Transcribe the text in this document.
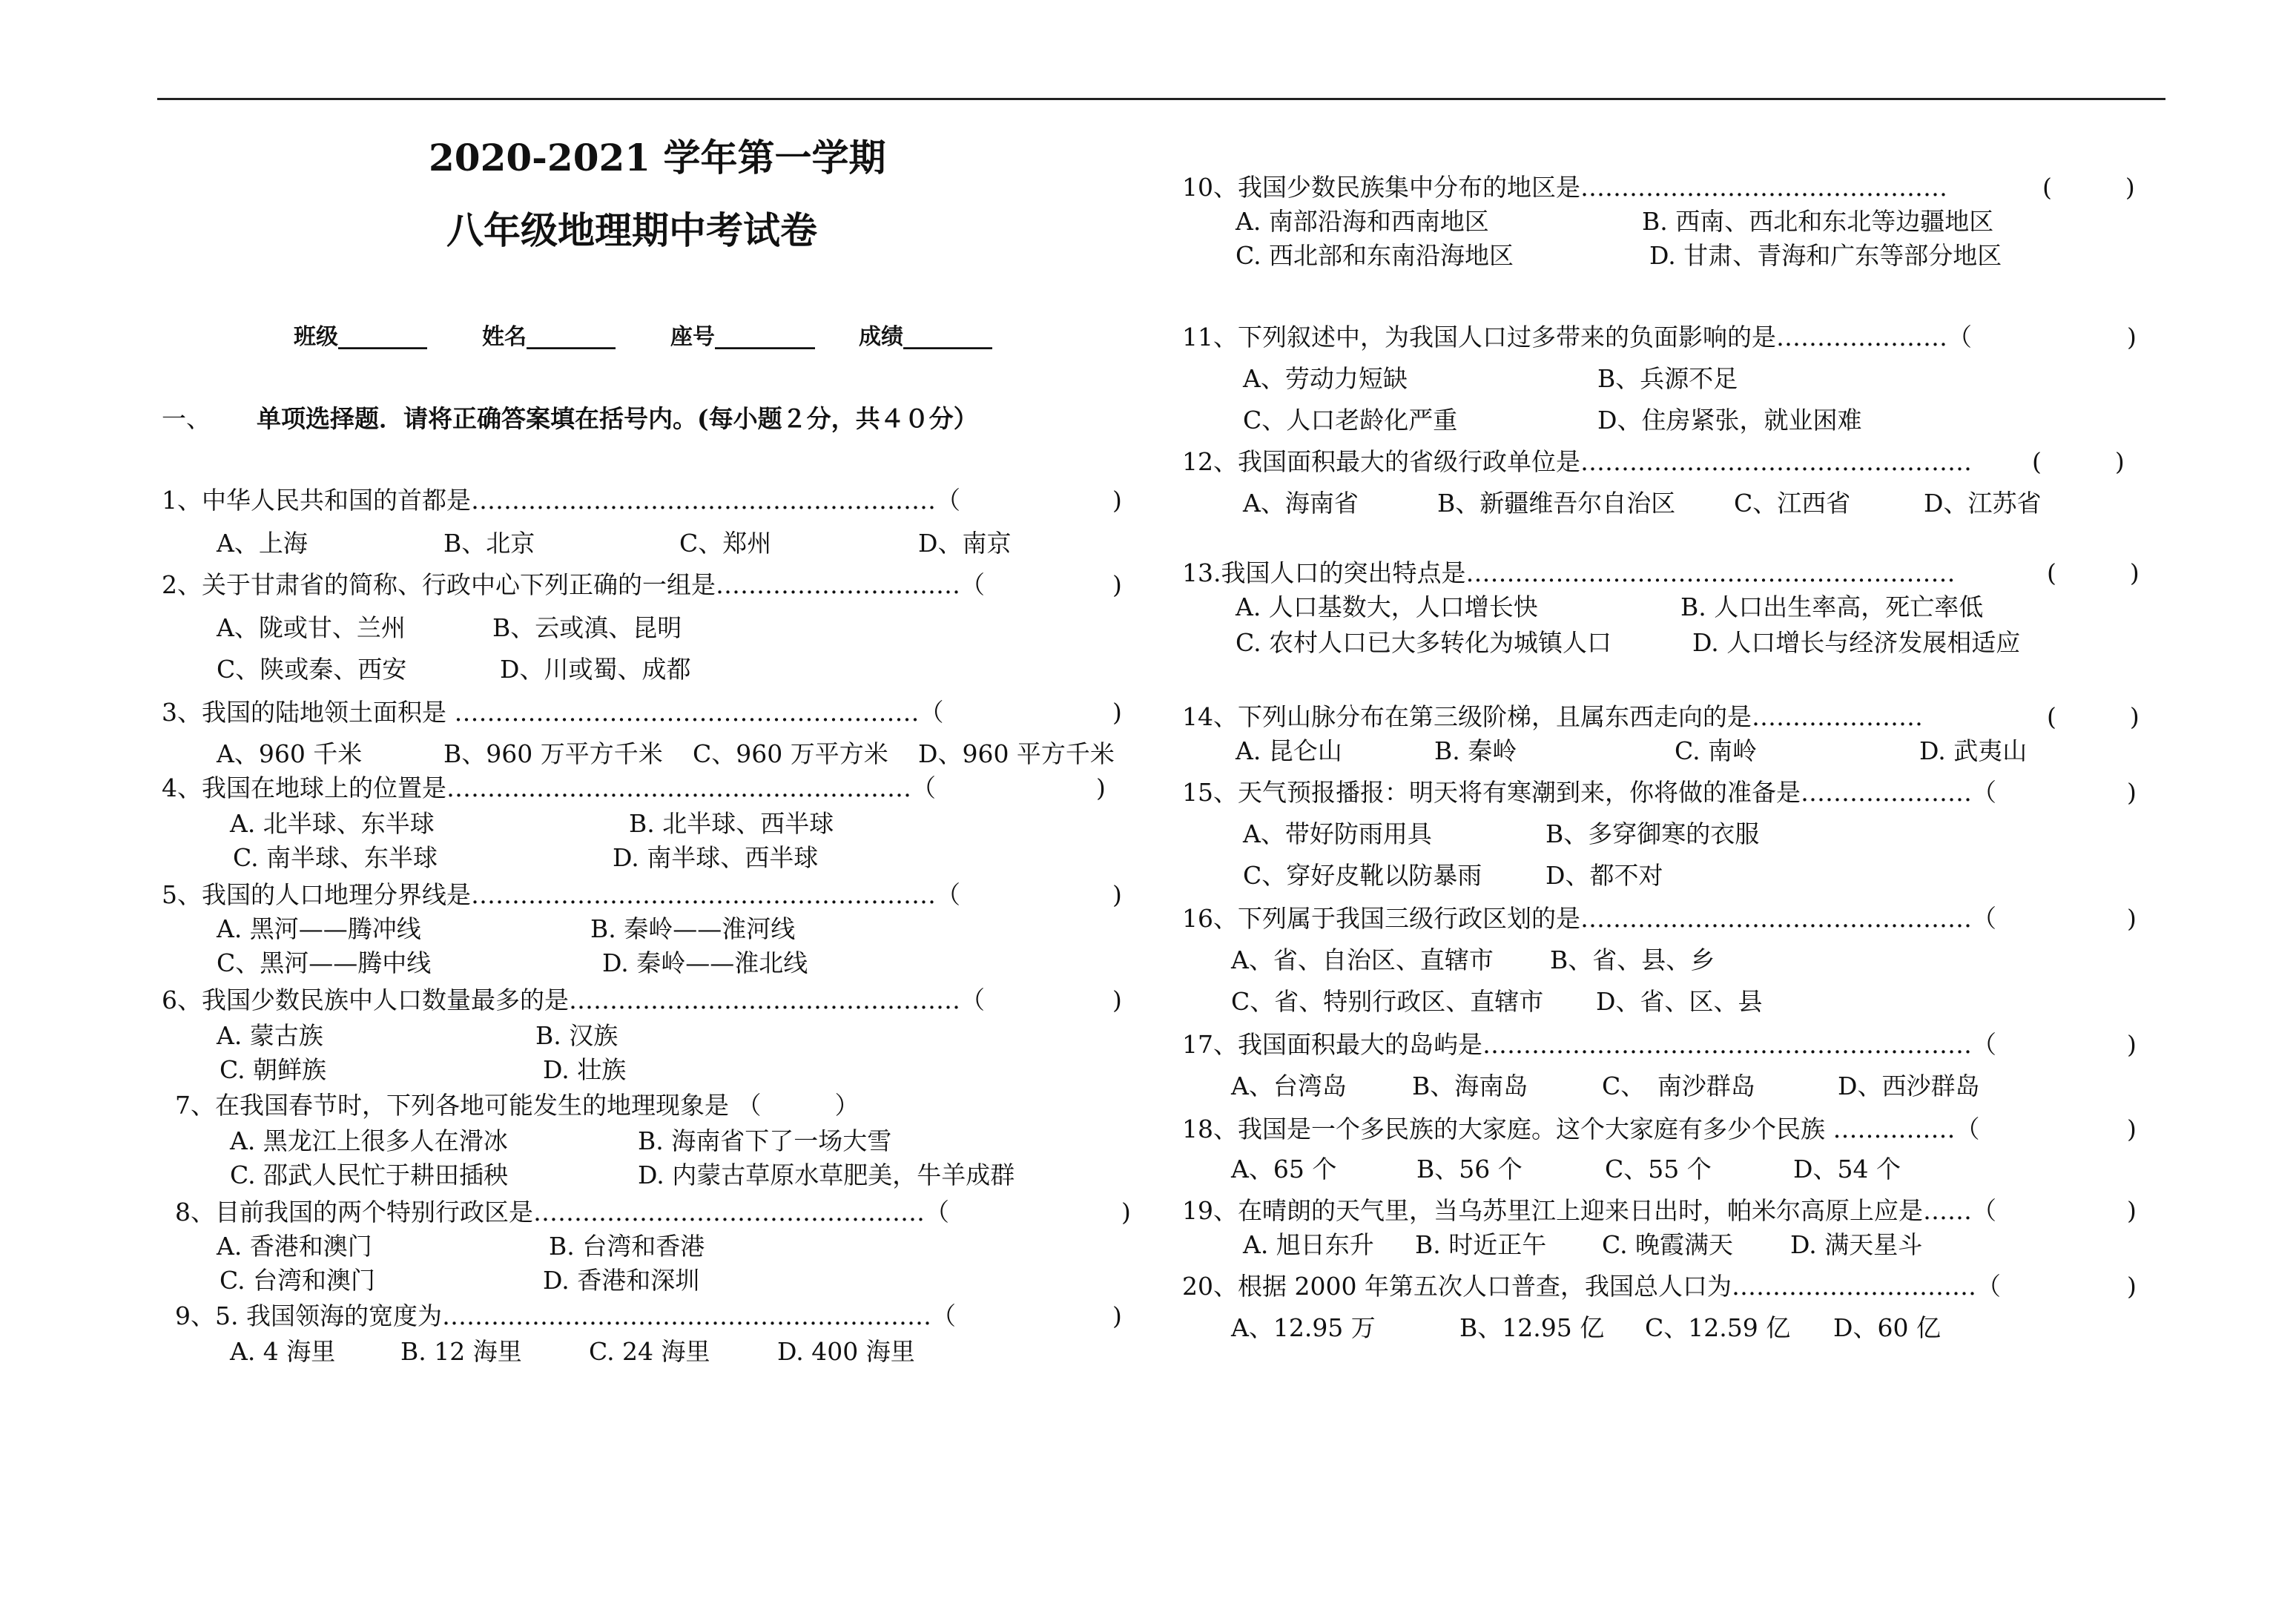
2020-2021 学年第一学期
八年级地理期中考试卷
班级________ 姓名________ 座号_________ 成绩________
一、 单项选择题．请将正确答案填在括号内。(每小题２分，共４０分）
1、中华人民共和国的首都是…………………………………………………（	)
A、上海	B、北京	C、郑州	D、南京
2、关于甘肃省的简称、行政中心下列正确的一组是…………………………（	)
A、陇或甘、兰州	B、云或滇、昆明
C、陕或秦、西安	D、川或蜀、成都
3、我国的陆地领土面积是 …………………………………………………（	)
A、960 千米	B、960 万平方千米 C、960 万平方米 D、960 平方千米
4、我国在地球上的位置是…………………………………………………（	)
A. 北半球、东半球	B. 北半球、西半球
C. 南半球、东半球	D. 南半球、西半球
5、我国的人口地理分界线是…………………………………………………（	)
A. 黑河——腾冲线	B. 秦岭——淮河线
C、黑河——腾中线	D. 秦岭——淮北线
6、我国少数民族中人口数量最多的是…………………………………………（	)
A. 蒙古族	B. 汉族
C. 朝鲜族	D. 壮族
7、在我国春节时，下列各地可能发生的地理现象是 （　　　）
A. 黑龙江上很多人在滑冰	B. 海南省下了一场大雪
C. 邵武人民忙于耕田插秧	D. 内蒙古草原水草肥美，牛羊成群
8、目前我国的两个特别行政区是…………………………………………（	)
A. 香港和澳门	B. 台湾和香港
C. 台湾和澳门	D. 香港和深圳
9、5. 我国领海的宽度为……………………………………………………（	)
A. 4 海里	B. 12 海里	C. 24 海里	D. 400 海里
10、我国少数民族集中分布的地区是………………………………………	(　　　)
A. 南部沿海和西南地区	B. 西南、西北和东北等边疆地区
C. 西北部和东南沿海地区	D. 甘肃、青海和广东等部分地区
11、下列叙述中，为我国人口过多带来的负面影响的是…………………（	)
A、劳动力短缺	B、兵源不足
C、人口老龄化严重	D、住房紧张，就业困难
12、我国面积最大的省级行政单位是………………………………………… (　　　)
A、海南省	B、新疆维吾尔自治区 C、江西省	D、江苏省
13.我国人口的突出特点是……………………………………………………	(　　　)
A. 人口基数大，人口增长快	B. 人口出生率高，死亡率低
C. 农村人口已大多转化为城镇人口	D. 人口增长与经济发展相适应
14、下列山脉分布在第三级阶梯，且属东西走向的是…………………	(　　　)
A. 昆仑山	B. 秦岭	C. 南岭	D. 武夷山
15、天气预报播报：明天将有寒潮到来，你将做的准备是…………………（	)
A、带好防雨用具	B、多穿御寒的衣服
C、穿好皮靴以防暴雨	D、都不对
16、下列属于我国三级行政区划的是…………………………………………（	)
A、省、自治区、直辖市 B、省、县、乡
C、省、特别行政区、直辖市 D、省、区、县
17、我国面积最大的岛屿是……………………………………………………（	)
A、台湾岛	B、海南岛	C、　南沙群岛	D、西沙群岛
18、我国是一个多民族的大家庭。这个大家庭有多少个民族 ……………（	)
A、65 个	B、56 个	C、55 个	D、54 个
19、在晴朗的天气里，当乌苏里江上迎来日出时，帕米尔高原上应是……（	)
A. 旭日东升 B. 时近正午 C. 晚霞满天 D. 满天星斗
20、根据 2000 年第五次人口普查，我国总人口为…………………………（	)
A、12.95 万	B、12.95 亿 C、12.59 亿 D、60 亿
